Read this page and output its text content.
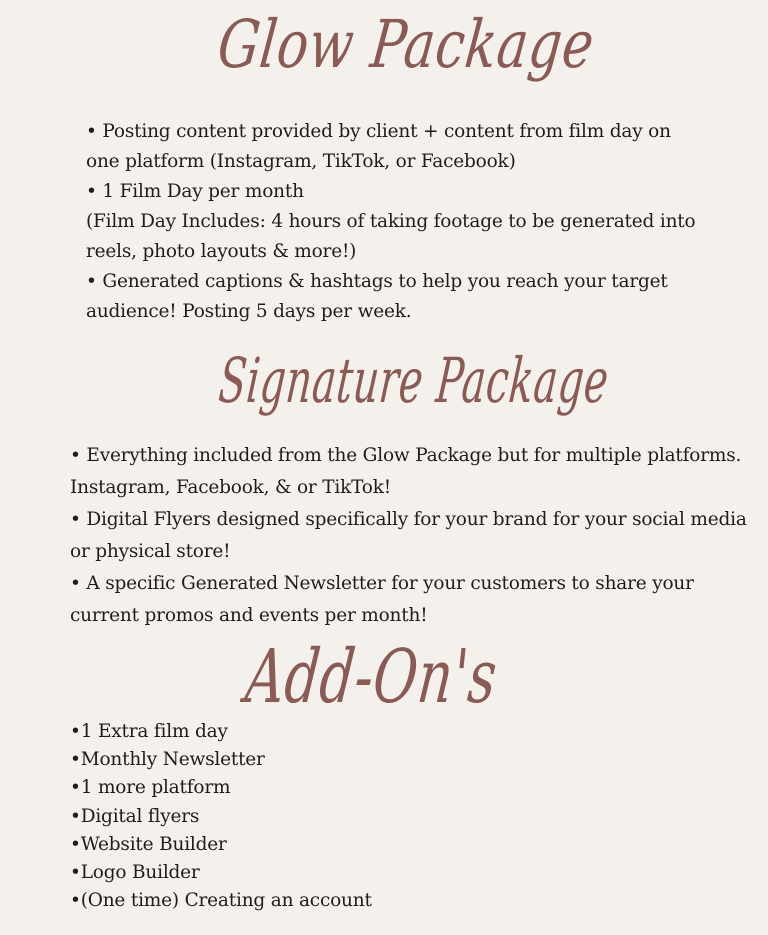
Glow Package

• Posting content provided by client + content from film day on

one platform (Instagram, TikTok, or Facebook)

• 1 Film Day per month

(Film Day Includes: 4 hours of taking footage to be generated into

reels, photo layouts & more!)

• Generated captions & hashtags to help you reach your target

audience! Posting 5 days per week.

Signature Package

• Everything included from the Glow Package but for multiple platforms.

Instagram, Facebook, & or TikTok!

• Digital Flyers designed specifically for your brand for your social media

or physical store!

• A specific Generated Newsletter for your customers to share your

current promos and events per month!

Add-On's

•1 Extra film day

•Monthly Newsletter

•1 more platform

•Digital flyers

•Website Builder

•Logo Builder

•(One time) Creating an account
